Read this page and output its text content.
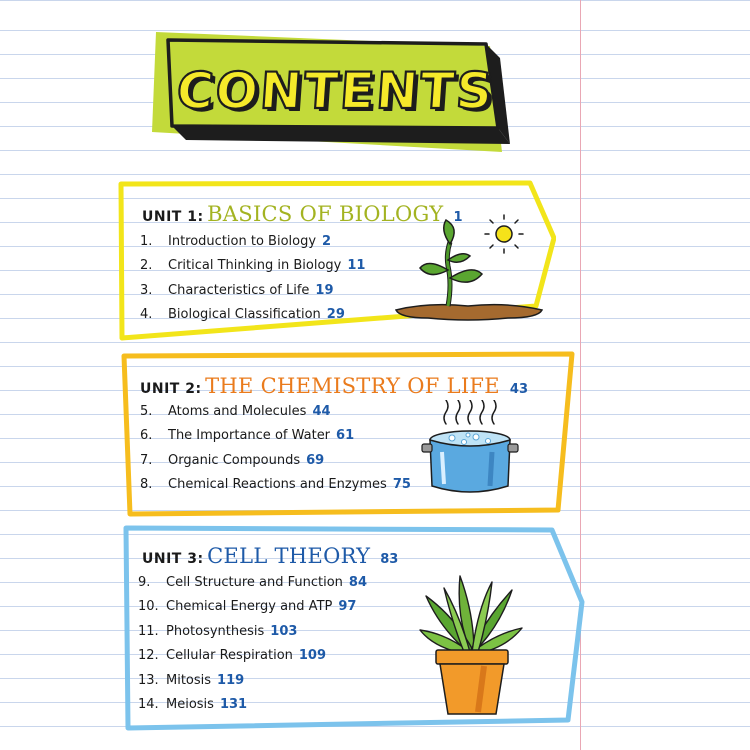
CONTENTS
UNIT 1 : BASICS OF BIOLOGY 1
1.	Introduction to Biology 2
2.	Critical Thinking in Biology 11
3.	Characteristics of Life 19
4.	Biological Classification 29
UNIT 2 : THE CHEMISTRY OF LIFE 43
5.	Atoms and Molecules 44
6.	The Importance of Water 61
7.	Organic Compounds 69
8.	Chemical Reactions and Enzymes 75
UNIT 3 : CELL THEORY 83
9.	Cell Structure and Function 84
10. Chemical Energy and ATP 97
11. Photosynthesis 103
12. Cellular Respiration 109
13. Mitosis 119
14. Meiosis 131
